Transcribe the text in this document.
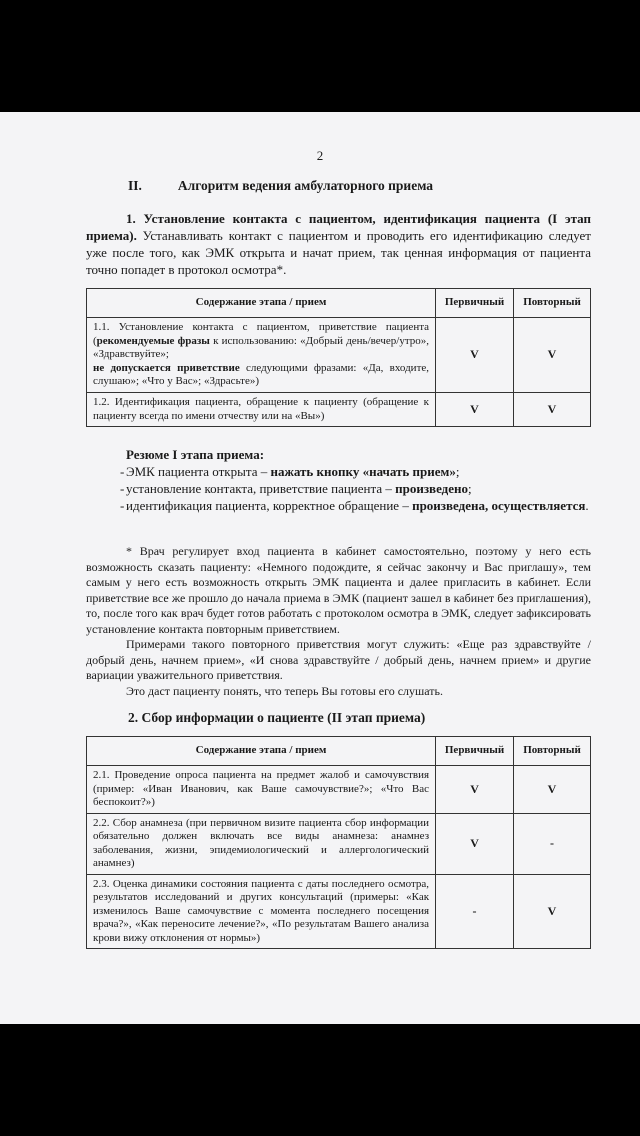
2
II.	Алгоритм ведения амбулаторного приема

1. Установление контакта с пациентом, идентификация пациента (I этап приема). Устанавливать контакт с пациентом и проводить его идентификацию следует уже после того, как ЭМК открыта и начат прием, так ценная информация от пациента точно попадет в протокол осмотра*.

Содержание этапа / прием	Первичный	Повторный
1.1. Установление контакта с пациентом, приветствие пациента (рекомендуемые фразы к использованию: «Добрый день/вечер/утро», «Здравствуйте»;
не допускается приветствие следующими фразами: «Да, входите, слушаю»; «Что у Вас»; «Здрасьте»)	V	V
1.2. Идентификация пациента, обращение к пациенту (обращение к пациенту всегда по имени отчеству или на «Вы»)	V	V
Резюме I этапа приема:
- ЭМК пациента открыта – нажать кнопку «начать прием»;
- установление контакта, приветствие пациента – произведено;
- идентификация пациента, корректное обращение – произведена, осуществляется.

* Врач регулирует вход пациента в кабинет самостоятельно, поэтому у него есть возможность сказать пациенту: «Немного подождите, я сейчас закончу и Вас приглашу», тем самым у него есть возможность открыть ЭМК пациента и далее пригласить в кабинет. Если приветствие все же прошло до начала приема в ЭМК (пациент зашел в кабинет без приглашения), то, после того как врач будет готов работать с протоколом осмотра в ЭМК, следует зафиксировать установление контакта повторным приветствием.

Примерами такого повторного приветствия могут служить: «Еще раз здравствуйте / добрый день, начнем прием», «И снова здравствуйте / добрый день, начнем прием» и другие вариации уважительного приветствия.

Это даст пациенту понять, что теперь Вы готовы его слушать.

2. Сбор информации о пациенте (II этап приема)
Содержание этапа / прием	Первичный	Повторный
2.1. Проведение опроса пациента на предмет жалоб и самочувствия (пример: «Иван Иванович, как Ваше самочувствие?»; «Что Вас беспокоит?»)	V	V
2.2. Сбор анамнеза (при первичном визите пациента сбор информации обязательно должен включать все виды анамнеза: анамнез заболевания, жизни, эпидемиологический и аллергологический анамнез)	V	-
2.3. Оценка динамики состояния пациента с даты последнего осмотра, результатов исследований и других консультаций (примеры: «Как изменилось Ваше самочувствие с момента последнего посещения врача?», «Как переносите лечение?», «По результатам Вашего анализа крови вижу отклонения от нормы»)	-	V
